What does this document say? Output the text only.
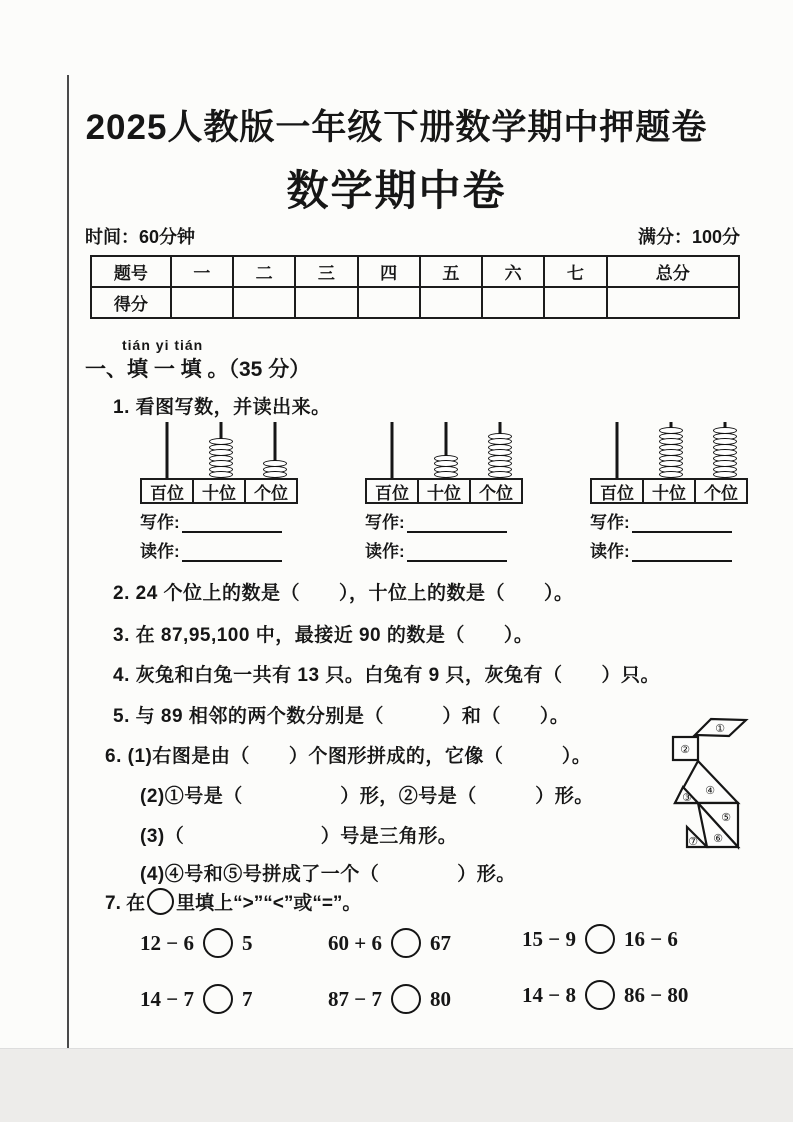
2025人教版一年级下册数学期中押题卷
数学期中卷
时间：60分钟	满分：100分
题号	一	二	三	四	五	六	七	总分
得分								
tián yi tián
一、填 一 填 。（35 分）
1. 看图写数，并读出来。
百位	十位	个位
写作:
读作:
百位	十位	个位
写作:
读作:
百位	十位	个位
写作:
读作:
2. 24 个位上的数是（　　），十位上的数是（　　）。
3. 在 87,95,100 中，最接近 90 的数是（　　）。
4. 灰兔和白兔一共有 13 只。白兔有 9 只，灰兔有（　　）只。
5. 与 89 相邻的两个数分别是（　　　）和（　　）。
6. (1)右图是由（　　）个图形拼成的，它像（　　　）。
(2)①号是（　　　　　）形，②号是（　　　）形。
(3)（　　　　　　　）号是三角形。
(4)④号和⑤号拼成了一个（　　　　）形。
①
②
③
④
⑤
⑥
⑦
7. 在 里填上“>”“<”或“=”。
12 − 6 5	60 + 6 67	15 − 9 16 − 6
14 − 7 7	87 − 7 80	14 − 8 86 − 80
